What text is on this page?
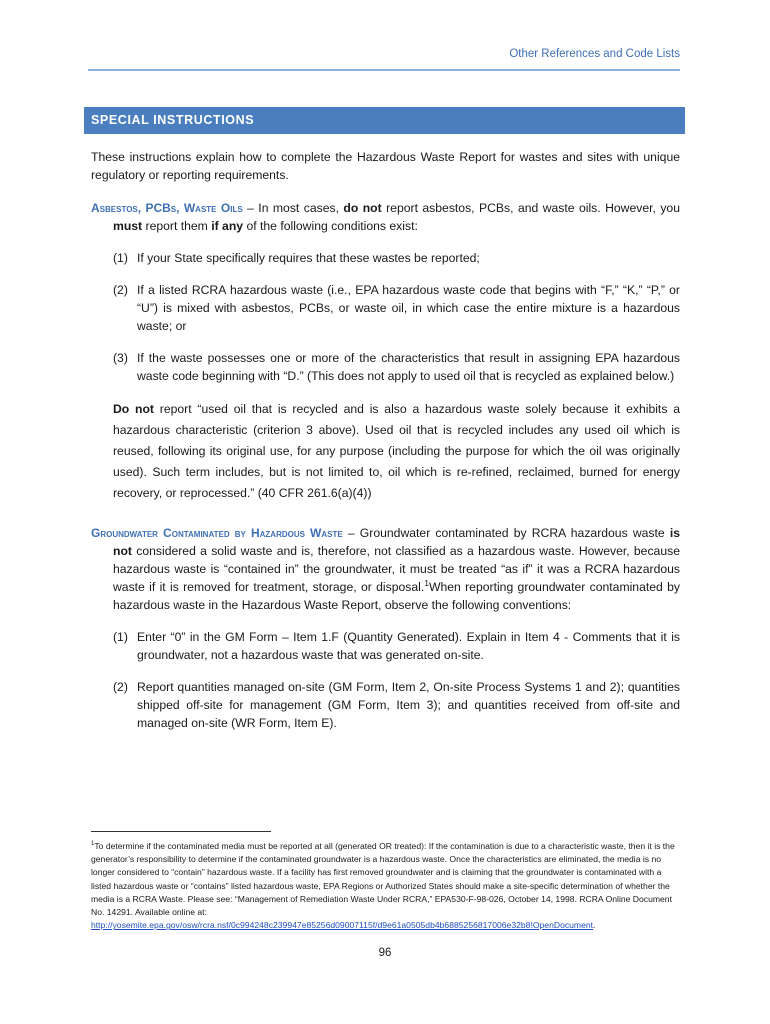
Other References and Code Lists
SPECIAL INSTRUCTIONS

These instructions explain how to complete the Hazardous Waste Report for wastes and sites with unique regulatory or reporting requirements.

Asbestos, PCBs, Waste Oils – In most cases, do not report asbestos, PCBs, and waste oils. However, you must report them if any of the following conditions exist:

(1) If your State specifically requires that these wastes be reported;
(2) If a listed RCRA hazardous waste (i.e., EPA hazardous waste code that begins with “F,” “K,” “P,” or “U”) is mixed with asbestos, PCBs, or waste oil, in which case the entire mixture is a hazardous waste; or
(3) If the waste possesses one or more of the characteristics that result in assigning EPA hazardous waste code beginning with “D.” (This does not apply to used oil that is recycled as explained below.)

Do not report “used oil that is recycled and is also a hazardous waste solely because it exhibits a hazardous characteristic (criterion 3 above). Used oil that is recycled includes any used oil which is reused, following its original use, for any purpose (including the purpose for which the oil was originally used). Such term includes, but is not limited to, oil which is re-refined, reclaimed, burned for energy recovery, or reprocessed.” (40 CFR 261.6(a)(4))

Groundwater Contaminated by Hazardous Waste – Groundwater contaminated by RCRA hazardous waste is not considered a solid waste and is, therefore, not classified as a hazardous waste. However, because hazardous waste is “contained in” the groundwater, it must be treated “as if” it was a RCRA hazardous waste if it is removed for treatment, storage, or disposal.$^1$When reporting groundwater contaminated by hazardous waste in the Hazardous Waste Report, observe the following conventions:

(1) Enter “0” in the GM Form – Item 1.F (Quantity Generated). Explain in Item 4 - Comments that it is groundwater, not a hazardous waste that was generated on-site.
(2) Report quantities managed on-site (GM Form, Item 2, On-site Process Systems 1 and 2); quantities shipped off-site for management (GM Form, Item 3); and quantities received from off-site and managed on-site (WR Form, Item E).
$^1$To determine if the contaminated media must be reported at all (generated OR treated): If the contamination is due to a characteristic waste, then it is the generator’s responsibility to determine if the contaminated groundwater is a hazardous waste. Once the characteristics are eliminated, the media is no longer considered to “contain” hazardous waste. If a facility has first removed groundwater and is claiming that the groundwater is contaminated with a listed hazardous waste or “contains” listed hazardous waste, EPA Regions or Authorized States should make a site-specific determination of whether the media is a RCRA Waste. Please see: “Management of Remediation Waste Under RCRA,” EPA530-F-98-026, October 14, 1998. RCRA Online Document No. 14291. Available online at:
http://yosemite.epa.gov/osw/rcra.nsf/0c994248c239947e85256d09007115f/d9e61a0505db4b6885256817006e32b8!OpenDocument.
96
